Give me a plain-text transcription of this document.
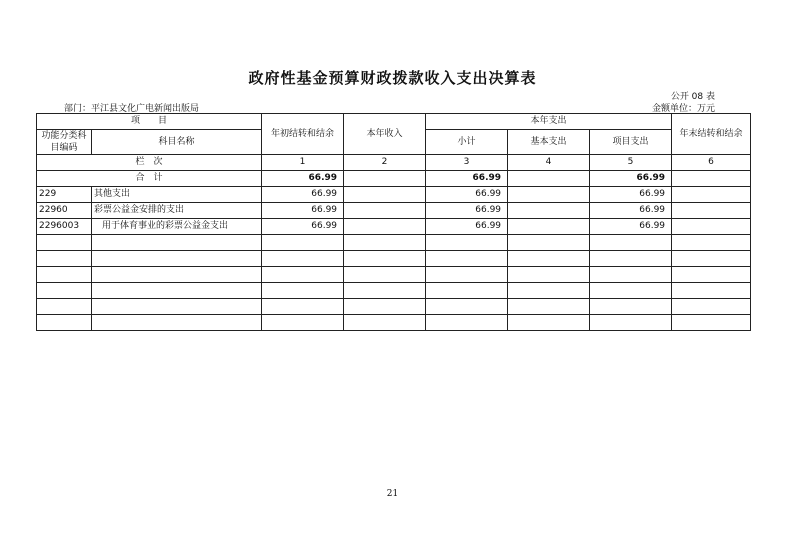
政府性基金预算财政拨款收入支出决算表
公开 08 表
部门：平江县文化广电新闻出版局	金额单位：万元
项　　目		年初结转和结余	本年收入	本年支出			年末结转和结余
功能分类科目编码	科目名称			小计	基本支出	项目支出	

栏　次		1	2	3	4	5	6
合　计		66.99		66.99		66.99	
229	其他支出	66.99		66.99		66.99	
22960	彩票公益金安排的支出	66.99		66.99		66.99	
2296003	用于体育事业的彩票公益金支出	66.99		66.99		66.99	

21
